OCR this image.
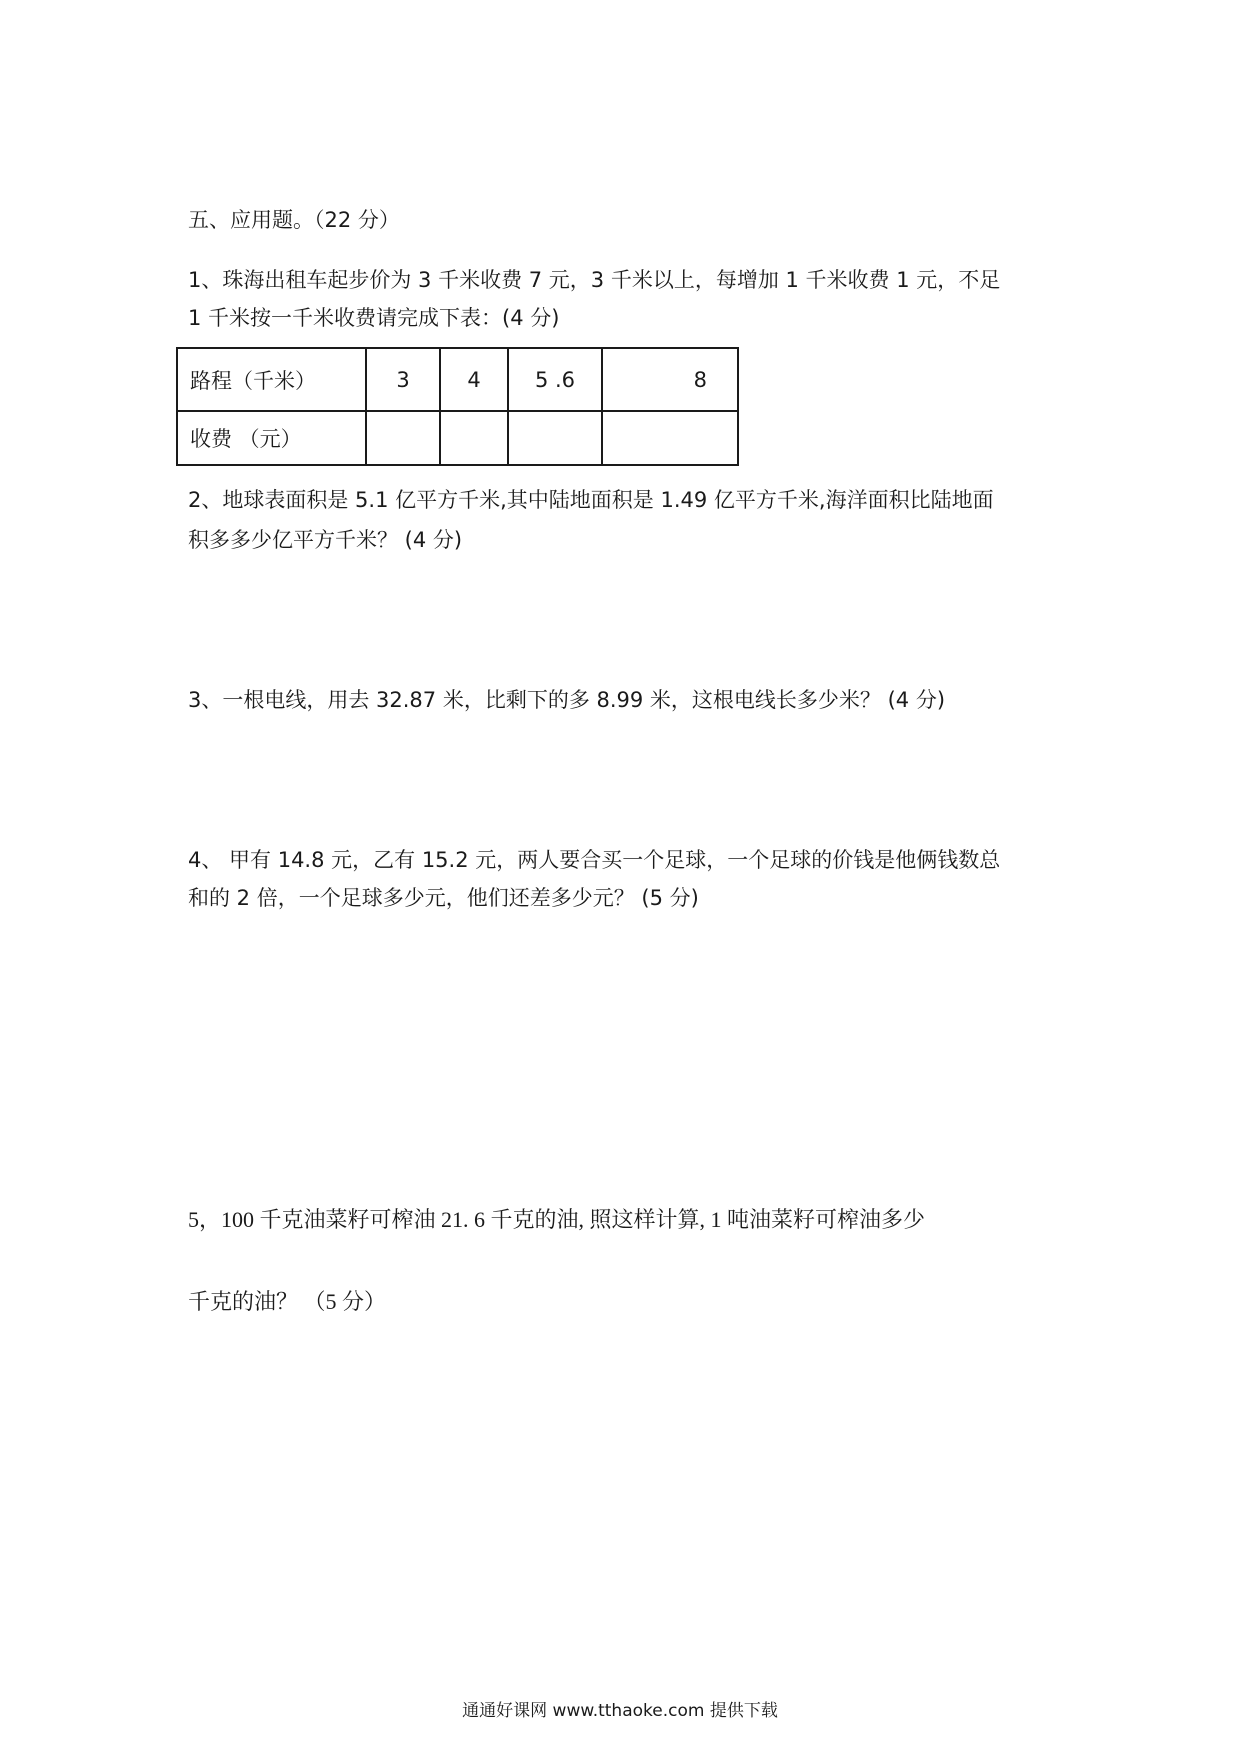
五、应用题。（22 分）
1、珠海出租车起步价为 3 千米收费 7 元，3 千米以上，每增加 1 千米收费 1 元，不足
1 千米按一千米收费请完成下表：(4 分)
路程（千米）	3	4	5 .6	8
收费 （元）				
2、地球表面积是 5.1 亿平方千米,其中陆地面积是 1.49 亿平方千米,海洋面积比陆地面
积多多少亿平方千米？ (4 分)
3、一根电线，用去 32.87 米，比剩下的多 8.99 米，这根电线长多少米？ (4 分)
4、 甲有 14.8 元，乙有 15.2 元，两人要合买一个足球，一个足球的价钱是他俩钱数总
和的 2 倍，一个足球多少元，他们还差多少元？ (5 分)
5，100 千克油菜籽可榨油 21. 6 千克的油, 照这样计算, 1 吨油菜籽可榨油多少
千克的油？ （5 分）
通通好课网 www.tthaoke.com 提供下载
